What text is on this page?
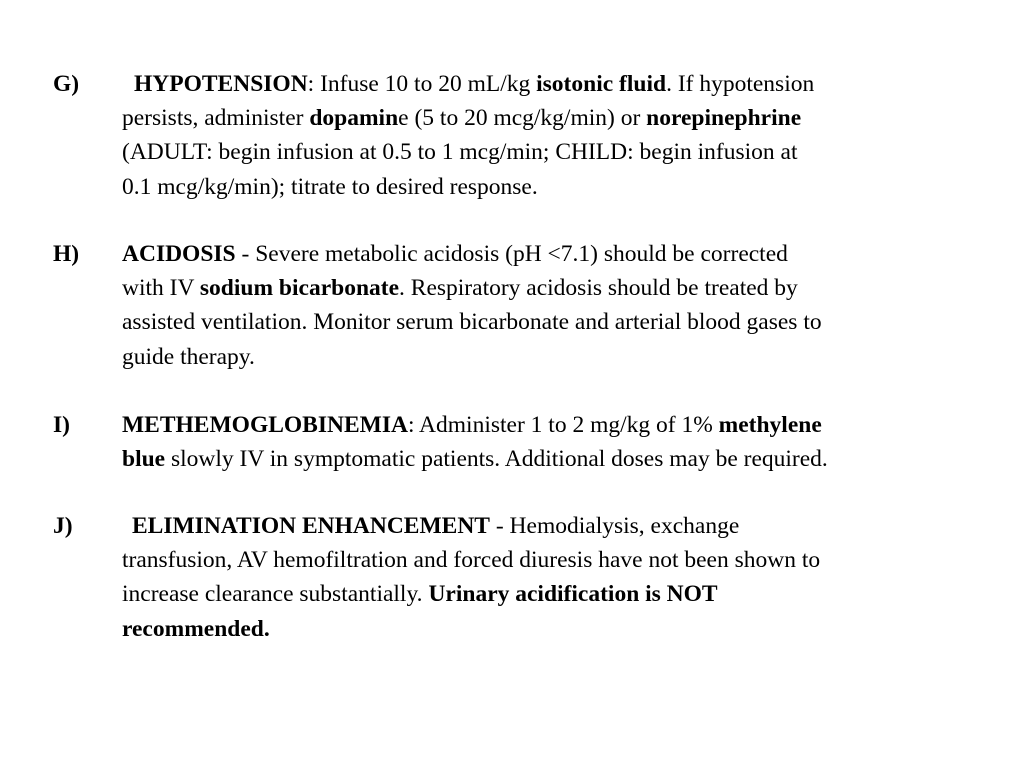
G) HYPOTENSION: Infuse 10 to 20 mL/kg isotonic fluid. If hypotension
persists, administer dopamine (5 to 20 mcg/kg/min) or norepinephrine
(ADULT: begin infusion at 0.5 to 1 mcg/min; CHILD: begin infusion at
0.1 mcg/kg/min); titrate to desired response.
H) ACIDOSIS - Severe metabolic acidosis (pH <7.1) should be corrected
with IV sodium bicarbonate. Respiratory acidosis should be treated by
assisted ventilation. Monitor serum bicarbonate and arterial blood gases to
guide therapy.
I) METHEMOGLOBINEMIA: Administer 1 to 2 mg/kg of 1% methylene
blue slowly IV in symptomatic patients. Additional doses may be required.
J)	ELIMINATION ENHANCEMENT - Hemodialysis, exchange
transfusion, AV hemofiltration and forced diuresis have not been shown to
increase clearance substantially. Urinary acidification is NOT
recommended.
